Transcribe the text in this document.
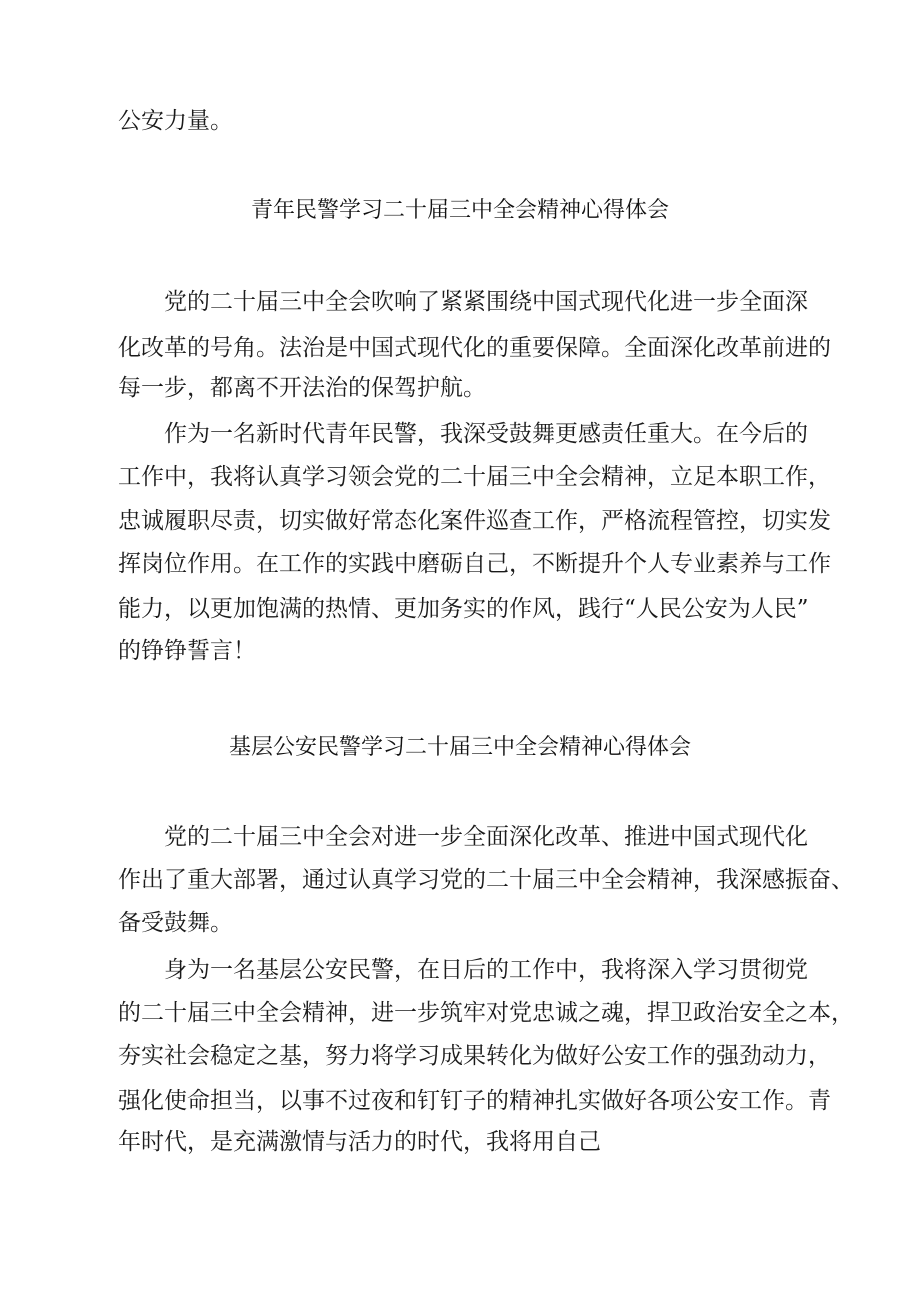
公安力量。
青年民警学习二十届三中全会精神心得体会
党的二十届三中全会吹响了紧紧围绕中国式现代化进一步全面深
化改革的号角。法治是中国式现代化的重要保障。全面深化改革前进的
每一步，都离不开法治的保驾护航。
作为一名新时代青年民警，我深受鼓舞更感责任重大。在今后的
工作中，我将认真学习领会党的二十届三中全会精神，立足本职工作，
忠诚履职尽责，切实做好常态化案件巡查工作，严格流程管控，切实发
挥岗位作用。在工作的实践中磨砺自己，不断提升个人专业素养与工作
能力，以更加饱满的热情、更加务实的作风，践行“人民公安为人民”
的铮铮誓言！
基层公安民警学习二十届三中全会精神心得体会
党的二十届三中全会对进一步全面深化改革、推进中国式现代化
作出了重大部署，通过认真学习党的二十届三中全会精神，我深感振奋、
备受鼓舞。
身为一名基层公安民警，在日后的工作中，我将深入学习贯彻党
的二十届三中全会精神，进一步筑牢对党忠诚之魂，捍卫政治安全之本，
夯实社会稳定之基，努力将学习成果转化为做好公安工作的强劲动力，
强化使命担当，以事不过夜和钉钉子的精神扎实做好各项公安工作。青
年时代，是充满激情与活力的时代，我将用自己
